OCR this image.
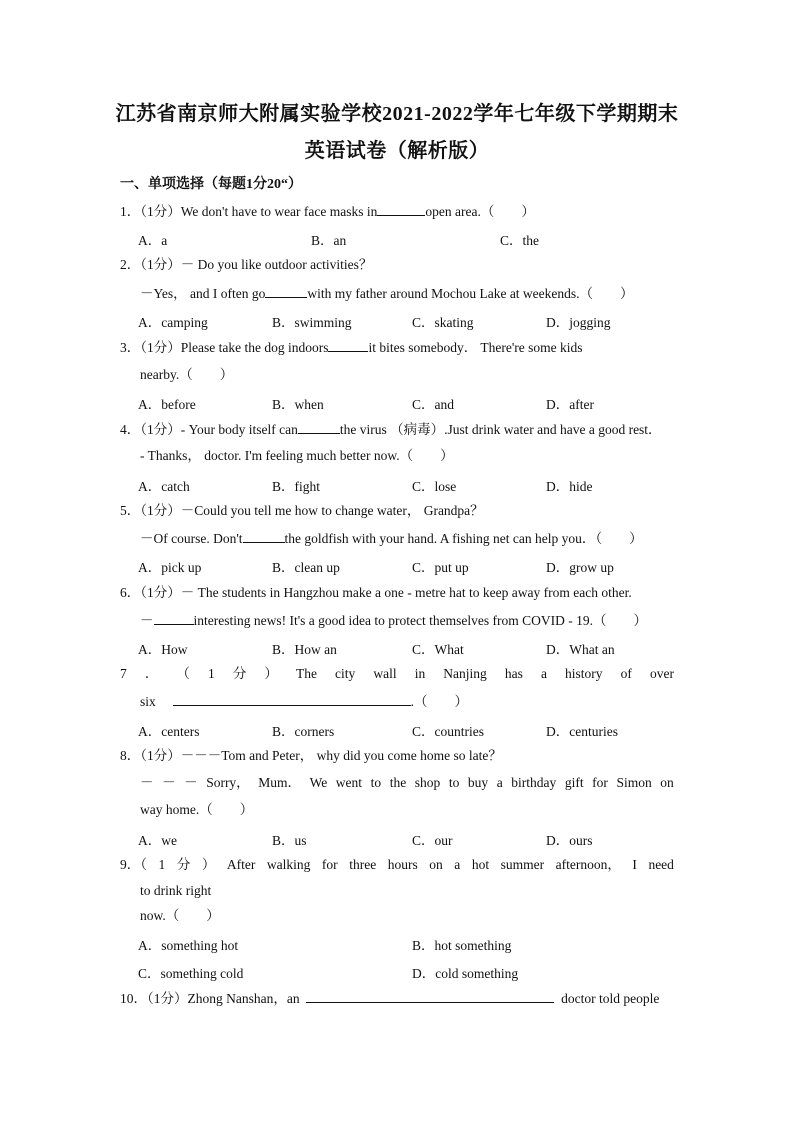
江苏省南京师大附属实验学校2021-2022学年七年级下学期期末
英语试卷（解析版）
一、单项选择（每题1分20“）
1．（1分）We don't have to wear face masks in	open area.（　　）
A．a	B．an	C．the
2．（1分）－ Do you like outdoor activities？
－Yes， and I often go	with my father around Mochou Lake at weekends.（　　）
A．camping	B．swimming	C．skating	D．jogging
3．（1分）Please take the dog indoors	it bites somebody． There're some kids
nearby.（　　）
A．before	B．when	C．and	D．after
4．（1分）- Your body itself can	the virus （病毒）.Just drink water and have a good rest．
- Thanks， doctor. I'm feeling much better now.（　　）
A．catch	B．fight	C．lose	D．hide
5．（1分）－Could you tell me how to change water， Grandpa？
－Of course. Don't	the goldfish with your hand. A fishing net can help you．（　　）
A．pick up	B．clean up	C．put up	D．grow up
6．（1分）－ The students in Hangzhou make a one - metre hat to keep away from each other.
－	interesting news! It's a good idea to protect themselves from COVID - 19.（　　）
A．How	B．How an	C．What	D．What an
7 ． （ 1 分 ） The city wall in Nanjing has a history of over
six	.（　　）
A．centers	B．corners	C．countries	D．centuries
8．（1分）－－－Tom and Peter， why did you come home so late？
－ － － Sorry， Mum． We went to the shop to buy a birthday gift for Simon on
way home.（　　）
A．we	B．us	C．our	D．ours
9．（ 1 分 ） After walking for three hours on a hot summer afternoon， I need
to drink right
now.（　　）
A．something hot	B．hot something
C．something cold	D．cold something
10．（1分）Zhong Nanshan，an	doctor told people
